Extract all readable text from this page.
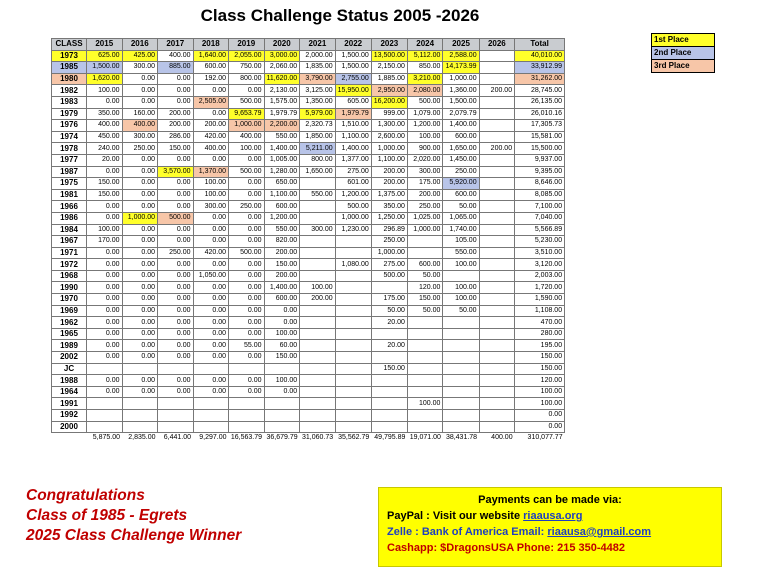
Class Challenge Status 2005 -2026
1st Place
2nd Place
3rd Place
CLASS	2015	2016	2017	2018	2019	2020	2021	2022	2023	2024	2025	2026	Total
1973	625.00	425.00	400.00	1,640.00	2,055.00	3,000.00	2,000.00	1,500.00	13,500.00	5,112.00	2,588.00		40,010.00
1985	1,500.00	300.00	885.00	600.00	750.00	2,060.00	1,835.00	1,500.00	2,150.00	850.00	14,173.99		33,912.99
1980	1,620.00	0.00	0.00	192.00	800.00	11,620.00	3,790.00	2,755.00	1,885.00	3,210.00	1,000.00		31,262.00
1982	100.00	0.00	0.00	0.00	0.00	2,130.00	3,125.00	15,950.00	2,950.00	2,080.00	1,360.00	200.00	28,745.00
1983	0.00	0.00	0.00	2,505.00	500.00	1,575.00	1,350.00	605.00	16,200.00	500.00	1,500.00		26,135.00
1979	350.00	160.00	200.00	0.00	9,653.79	1,979.79	5,979.00	1,979.79	999.00	1,079.00	2,079.79		26,010.16
1976	400.00	400.00	200.00	200.00	1,000.00	2,200.00	2,320.73	1,510.00	1,300.00	1,200.00	1,400.00		17,305.73
1974	450.00	300.00	286.00	420.00	400.00	550.00	1,850.00	1,100.00	2,600.00	100.00	600.00		15,581.00
1978	240.00	250.00	150.00	400.00	100.00	1,400.00	5,211.00	1,400.00	1,000.00	900.00	1,650.00	200.00	15,500.00
1977	20.00	0.00	0.00	0.00	0.00	1,005.00	800.00	1,377.00	1,100.00	2,020.00	1,450.00		9,937.00
1987	0.00	0.00	3,570.00	1,370.00	500.00	1,280.00	1,650.00	275.00	200.00	300.00	250.00		9,395.00
1975	150.00	0.00	0.00	100.00	0.00	650.00		601.00	200.00	175.00	5,920.00		8,646.00
1981	150.00	0.00	0.00	100.00	0.00	1,100.00	550.00	1,200.00	1,375.00	200.00	600.00		8,085.00
1966	0.00	0.00	0.00	300.00	250.00	600.00		500.00	350.00	250.00	50.00		7,100.00
1986	0.00	1,000.00	500.00	0.00	0.00	1,200.00		1,000.00	1,250.00	1,025.00	1,065.00		7,040.00
1984	100.00	0.00	0.00	0.00	0.00	550.00	300.00	1,230.00	296.89	1,000.00	1,740.00		5,566.89
1967	170.00	0.00	0.00	0.00	0.00	820.00			250.00		105.00		5,230.00
1971	0.00	0.00	250.00	420.00	500.00	200.00			1,000.00		550.00		3,510.00
1972	0.00	0.00	0.00	0.00	0.00	150.00		1,080.00	275.00	600.00	100.00		3,120.00
1968	0.00	0.00	0.00	1,050.00	0.00	200.00			500.00	50.00			2,003.00
1990	0.00	0.00	0.00	0.00	0.00	1,400.00	100.00			120.00	100.00		1,720.00
1970	0.00	0.00	0.00	0.00	0.00	600.00	200.00		175.00	150.00	100.00		1,590.00
1969	0.00	0.00	0.00	0.00	0.00	0.00			50.00	50.00	50.00		1,108.00
1962	0.00	0.00	0.00	0.00	0.00	0.00			20.00				470.00
1965	0.00	0.00	0.00	0.00	0.00	100.00							280.00
1989	0.00	0.00	0.00	0.00	55.00	60.00			20.00				195.00
2002	0.00	0.00	0.00	0.00	0.00	150.00							150.00
JC									150.00				150.00
1988	0.00	0.00	0.00	0.00	0.00	100.00							120.00
1964	0.00	0.00	0.00	0.00	0.00	0.00							100.00
1991										100.00			100.00
1992													0.00
2000													0.00
	5,875.00	2,835.00	6,441.00	9,297.00	16,563.79	36,679.79	31,060.73	35,562.79	49,795.89	19,071.00	38,431.78	400.00	310,077.77
Congratulations
Class of 1985 - Egrets
2025 Class Challenge Winner
Payments can be made via:
PayPal : Visit our website riaausa.org
Zelle : Bank of America Email: riaausa@gmail.com
Cashapp: $DragonsUSA Phone: 215 350-4482
